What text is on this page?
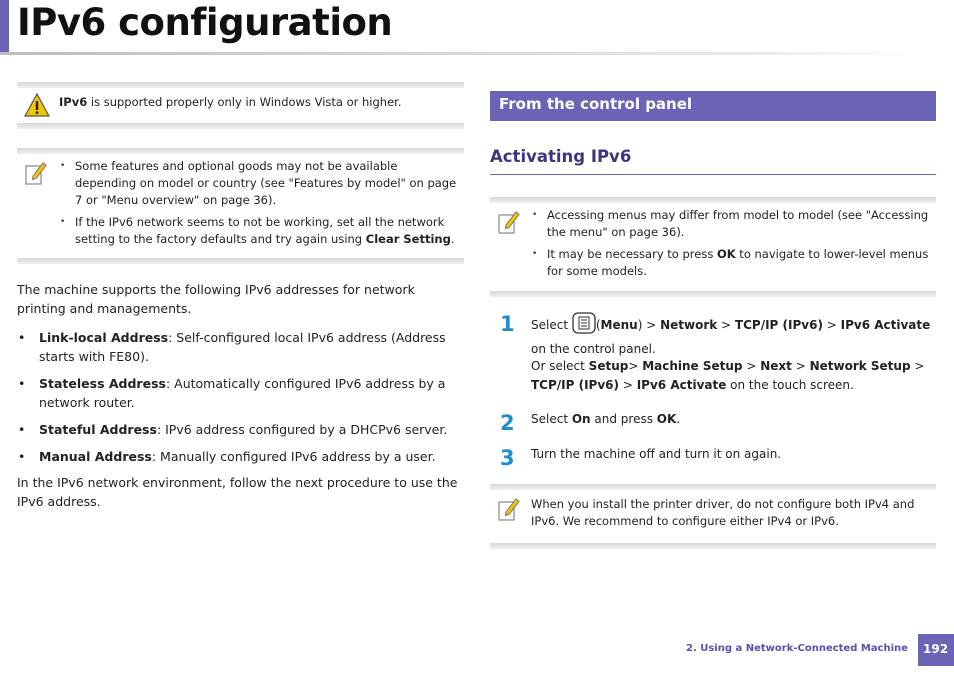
IPv6 configuration
IPv6 is supported properly only in Windows Vista or higher.
• Some features and optional goods may not be available depending on model or country (see "Features by model" on page 7 or "Menu overview" on page 36).
• If the IPv6 network seems to not be working, set all the network setting to the factory defaults and try again using Clear Setting.
The machine supports the following IPv6 addresses for network printing and managements.
• Link-local Address: Self-configured local IPv6 address (Address starts with FE80).
• Stateless Address: Automatically configured IPv6 address by a network router.
• Stateful Address: IPv6 address configured by a DHCPv6 server.
• Manual Address: Manually configured IPv6 address by a user.
In the IPv6 network environment, follow the next procedure to use the IPv6 address.
From the control panel
Activating IPv6
• Accessing menus may differ from model to model (see "Accessing the menu" on page 36).
• It may be necessary to press OK to navigate to lower-level menus for some models.
1 Select (Menu) > Network > TCP/IP (IPv6) > IPv6 Activate on the control panel.
Or select Setup> Machine Setup > Next > Network Setup > TCP/IP (IPv6) > IPv6 Activate on the touch screen.
2 Select On and press OK.
3 Turn the machine off and turn it on again.
When you install the printer driver, do not configure both IPv4 and IPv6. We recommend to configure either IPv4 or IPv6.
2. Using a Network-Connected Machine 192
